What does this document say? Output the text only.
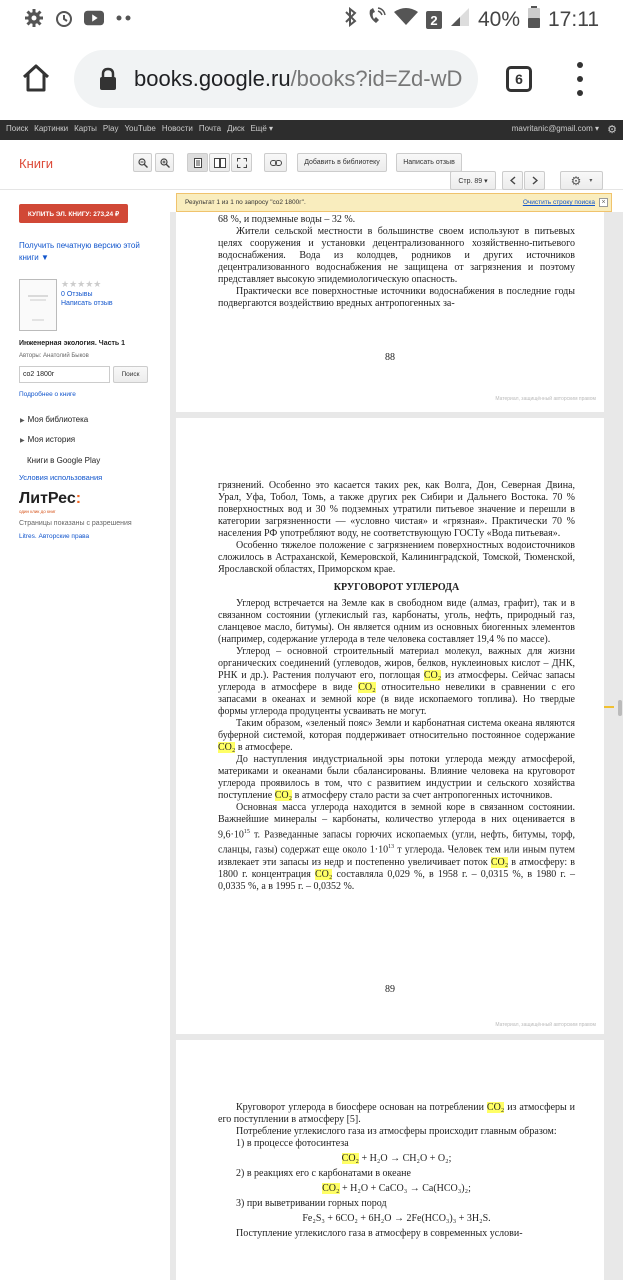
2 40% 17:11
books.google.ru /books?id=Zd-wD	6
Поиск Картинки Карты Play YouTube Новости Почта Диск Ещё ▾	mavritanic@gmail.com ▾ ⚙
Книги	Добавить в библиотеку	Написать отзыв
Стр. 89 ▾	⚙ ▾
Результат 1 из 1 по запросу "co2 1800г".	Очистить строку поиска ×
КУПИТЬ ЭЛ. КНИГУ: 273,24 ₽
Получить печатную версию этой книги ▼
★★★★★
0 Отзывы
Написать отзыв
Инженерная экология. Часть 1
Авторы: Анатолий Быков
co2 1800г
Поиск
Подробнее о книге
▶ Моя библиотека
▶ Моя история
Книги в Google Play
Условия использования
ЛитРес:
один клик до книг
Страницы показаны с разрешения
Litres. Авторские права
68 %, и подземные воды – 32 %.

Жители сельской местности в большинстве своем используют в питьевых целях сооружения и установки децентрализованного хозяйственно-питьевого водоснабжения. Вода из колодцев, родников и других источников децентрализованного водоснабжения не защищена от загрязнения и поэтому представляет высокую эпидемиологическую опасность.

Практически все поверхностные источники водоснабжения в последние годы подвергаются воздействию вредных антропогенных за-

88
Материал, защищённый авторским правом
грязнений. Особенно это касается таких рек, как Волга, Дон, Северная Двина, Урал, Уфа, Тобол, Томь, а также других рек Сибири и Дальнего Востока. 70 % поверхностных вод и 30 % подземных утратили питьевое значение и перешли в категории загрязненности — «условно чистая» и «грязная». Практически 70 % населения РФ употребляют воду, не соответствующую ГОСТу «Вода питьевая».

Особенно тяжелое положение с загрязнением поверхностных водоисточников сложилось в Астраханской, Кемеровской, Калининградской, Томской, Тюменской, Ярославской областях, Приморском крае.

КРУГОВОРОТ УГЛЕРОДА

Углерод встречается на Земле как в свободном виде (алмаз, графит), так и в связанном состоянии (углекислый газ, карбонаты, уголь, нефть, природный газ, сланцевое масло, битумы). Он является одним из основных биогенных элементов (например, содержание углерода в теле человека составляет 19,4 % по массе).

Углерод – основной строительный материал молекул, важных для жизни органических соединений (углеводов, жиров, белков, нуклеиновых кислот – ДНК, РНК и др.). Растения получают его, поглощая CO₂ из атмосферы. Сейчас запасы углерода в атмосфере в виде CO₂ относительно невелики в сравнении с его запасами в океанах и земной коре (в виде ископаемого топлива). Но твердые формы углерода продуценты усваивать не могут.

Таким образом, «зеленый пояс» Земли и карбонатная система океана являются буферной системой, которая поддерживает относительно постоянное содержание CO₂ в атмосфере.

До наступления индустриальной эры потоки углерода между атмосферой, материками и океанами были сбалансированы. Влияние человека на круговорот углерода проявилось в том, что с развитием индустрии и сельского хозяйства поступление CO₂ в атмосферу стало расти за счет антропогенных источников.

Основная масса углерода находится в земной коре в связанном состоянии. Важнейшие минералы – карбонаты, количество углерода в них оценивается в $9,6\cdot 10^{15}$ т. Разведанные запасы горючих ископаемых (угли, нефть, битумы, торф, сланцы, газы) содержат еще около $1\cdot 10^{13}$ т углерода. Человек тем или иным путем извлекает эти запасы из недр и постепенно увеличивает поток CO₂ в атмосферу: в 1800 г. концентрация CO₂ составляла 0,029 %, в 1958 г. – 0,0315 %, в 1980 г. – 0,0335 %, а в 1995 г. – 0,0352 %.

89
Материал, защищённый авторским правом

Круговорот углерода в биосфере основан на потреблении CO₂ из атмосферы и его поступлении в атмосферу [5].

Потребление углекислого газа из атмосферы происходит главным образом:

1) в процессе фотосинтеза

CO₂ + H₂O → CH₂O + O₂;

2) в реакциях его с карбонатами в океане

CO₂ + H₂O + CaCO₃ → Ca(HCO₃)₂;

3) при выветривании горных пород

Fe₂S₃ + 6CO₂ + 6H₂O → 2Fe(HCO₃)₃ + 3H₂S.

Поступление углекислого газа в атмосферу в современных услови-
